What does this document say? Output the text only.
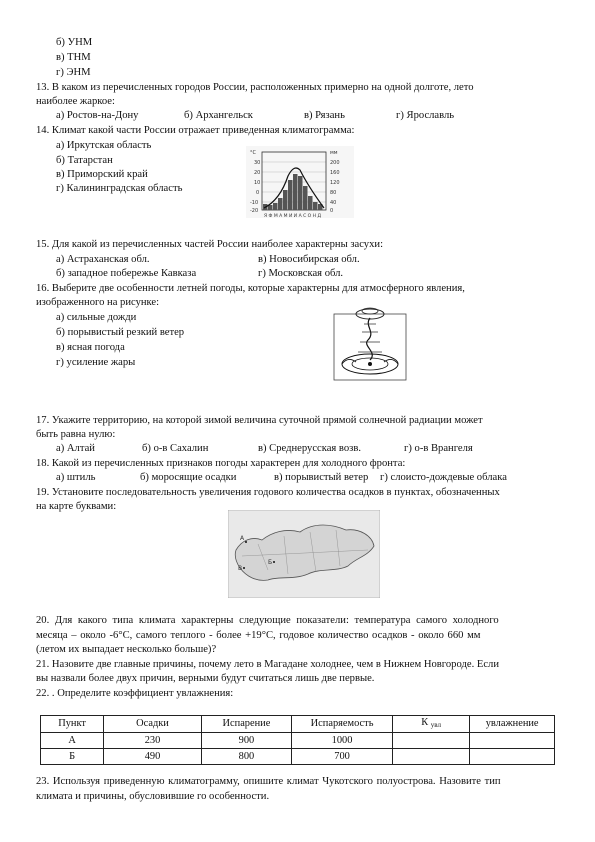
б) УНМ
в) ТНМ
г) ЭНМ
13. В каком из перечисленных городов России, расположенных примерно на одной долготе, лето
наиболее жаркое:
а) Ростов-на-Дону	б) Архангельск	в) Рязань	г) Ярославль
14. Климат какой части России отражает приведенная климатограмма:
а) Иркутская область
б) Татарстан
в) Приморский край
г) Калининградская область
°C	мм
30
20
10
0
-10
-20
200
160
120
80
40
0
Я Ф М А М И И А С О Н Д
15. Для какой из перечисленных частей России наиболее характерны засухи:
а) Астраханская обл.	в) Новосибирская обл.
б) западное побережье Кавказа	г) Московская обл.
16. Выберите две особенности летней погоды, которые характерны для атмосферного явления,
изображенного на рисунке:
а) сильные дожди
б) порывистый резкий ветер
в) ясная погода
г) усиление жары
17. Укажите территорию, на которой зимой величина суточной прямой солнечной радиации может
быть равна нулю:
а) Алтай	б) о-в Сахалин	в) Среднерусская возв.	г) о-в Врангеля
18. Какой из перечисленных признаков погоды характерен для холодного фронта:
а) штиль	б) моросящие осадки	в) порывистый ветер г) слоисто-дождевые облака
19. Установите последовательность увеличения годового количества осадков в пунктах, обозначенных
на карте буквами:
А
Б
В
20. Для какого типа климата характерны следующие показатели: температура самого холодного
месяца – около -6°С, самого теплого - более +19°С, годовое количество осадков - около 660 мм
(летом их выпадает несколько больше)?
21. Назовите две главные причины, почему лето в Магадане холоднее, чем в Нижнем Новгороде. Если
вы назвали более двух причин, верными будут считаться лишь две первые.
22. . Определите коэффициент увлажнения:
Пункт	Осадки	Испарение	Испаряемость	К увл	увлажнение
А	230	900	1000		
Б	490	800	700		
23. Используя приведенную климатограмму, опишите климат Чукотского полуострова. Назовите тип
климата и причины, обусловившие го особенности.
